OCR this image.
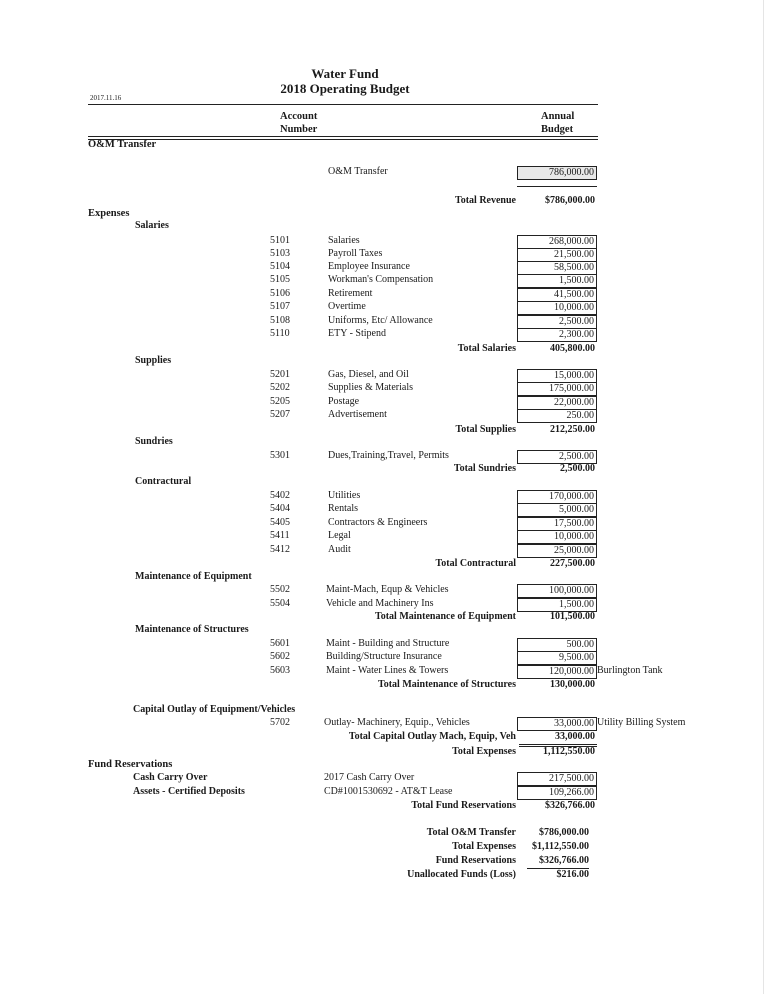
Water Fund
2018 Operating Budget
2017.11.16
Account
Number
Annual
Budget
O&M Transfer
O&M Transfer	786,000.00
Total Revenue	$786,000.00
Expenses
Salaries
5101	Salaries	268,000.00
5103	Payroll Taxes	21,500.00
5104	Employee Insurance	58,500.00
5105	Workman's Compensation	1,500.00
5106	Retirement	41,500.00
5107	Overtime	10,000.00
5108	Uniforms, Etc/ Allowance	2,500.00
5110	ETY - Stipend	2,300.00
Total Salaries	405,800.00
Supplies
5201	Gas, Diesel, and Oil	15,000.00
5202	Supplies & Materials	175,000.00
5205	Postage	22,000.00
5207	Advertisement	250.00
Total Supplies	212,250.00
Sundries
5301	Dues,Training,Travel, Permits	2,500.00
Total Sundries	2,500.00
Contractural
5402	Utilities	170,000.00
5404	Rentals	5,000.00
5405	Contractors & Engineers	17,500.00
5411	Legal	10,000.00
5412	Audit	25,000.00
Total Contractural	227,500.00
Maintenance of Equipment
5502	Maint-Mach, Equp & Vehicles	100,000.00
5504	Vehicle and Machinery Ins	1,500.00
Total Maintenance of Equipment	101,500.00
Maintenance of Structures
5601	Maint - Building and Structure	500.00
5602	Building/Structure Insurance	9,500.00
5603	Maint - Water Lines & Towers	120,000.00 Burlington Tank
Total Maintenance of Structures	130,000.00
Capital Outlay of Equipment/Vehicles
5702	Outlay- Machinery, Equip., Vehicles	33,000.00 Utility Billing System
Total Capital Outlay Mach, Equip, Veh	33,000.00
Total Expenses	1,112,550.00
Fund Reservations
Cash Carry Over	2017 Cash Carry Over	217,500.00
Assets - Certified Deposits	CD#1001530692 - AT&T Lease	109,266.00
Total Fund Reservations	$326,766.00
Total O&M Transfer	$786,000.00
Total Expenses	$1,112,550.00
Fund Reservations	$326,766.00
Unallocated Funds (Loss)	$216.00
